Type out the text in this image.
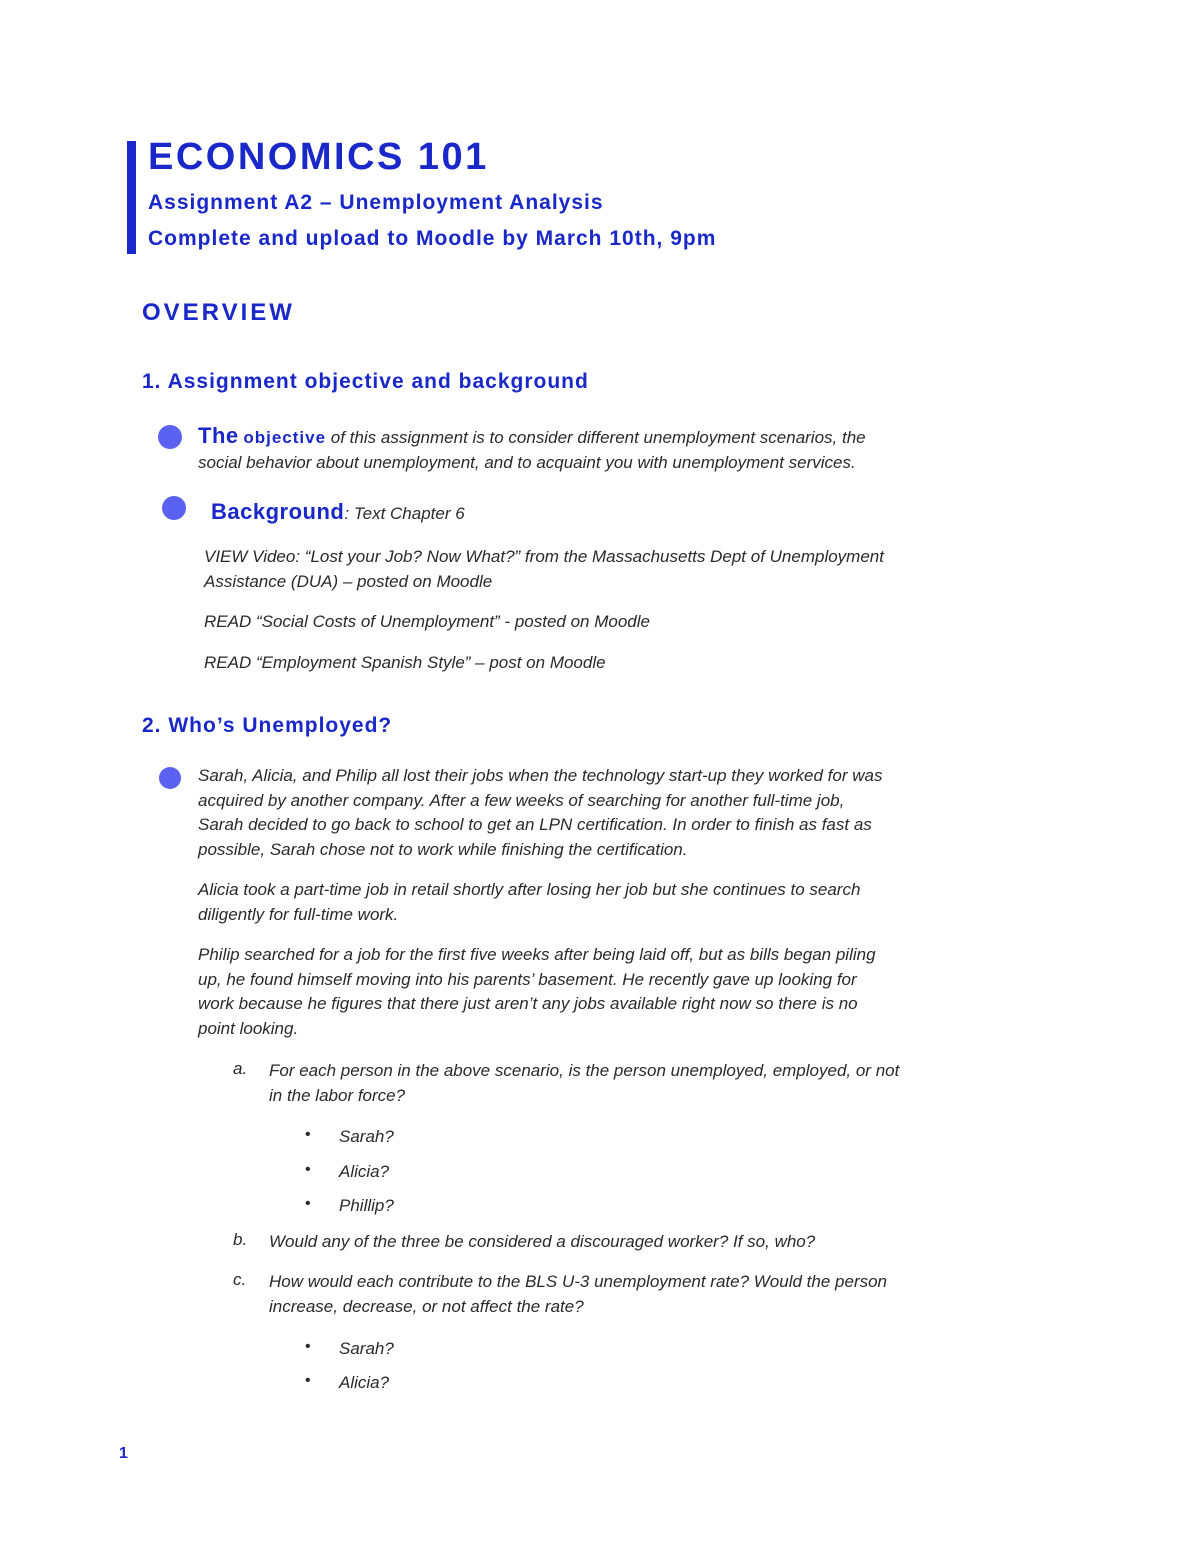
ECONOMICS 101
Assignment A2 – Unemployment Analysis
Complete and upload to Moodle by March 10th, 9pm
OVERVIEW
1. Assignment objective and background
The objective of this assignment is to consider different unemployment scenarios, the
social behavior about unemployment, and to acquaint you with unemployment services.
Background: Text Chapter 6
VIEW Video: “Lost your Job? Now What?” from the Massachusetts Dept of Unemployment
Assistance (DUA) – posted on Moodle
READ “Social Costs of Unemployment” - posted on Moodle
READ “Employment Spanish Style” – post on Moodle
2. Who’s Unemployed?
Sarah, Alicia, and Philip all lost their jobs when the technology start-up they worked for was
acquired by another company. After a few weeks of searching for another full-time job,
Sarah decided to go back to school to get an LPN certification. In order to finish as fast as
possible, Sarah chose not to work while finishing the certification.
Alicia took a part-time job in retail shortly after losing her job but she continues to search
diligently for full-time work.
Philip searched for a job for the first five weeks after being laid off, but as bills began piling
up, he found himself moving into his parents’ basement. He recently gave up looking for
work because he figures that there just aren’t any jobs available right now so there is no
point looking.
a.	For each person in the above scenario, is the person unemployed, employed, or not
in the labor force?
• Sarah?
• Alicia?
• Phillip?
b.	Would any of the three be considered a discouraged worker? If so, who?
c.	How would each contribute to the BLS U-3 unemployment rate? Would the person
increase, decrease, or not affect the rate?
• Sarah?
• Alicia?
1
